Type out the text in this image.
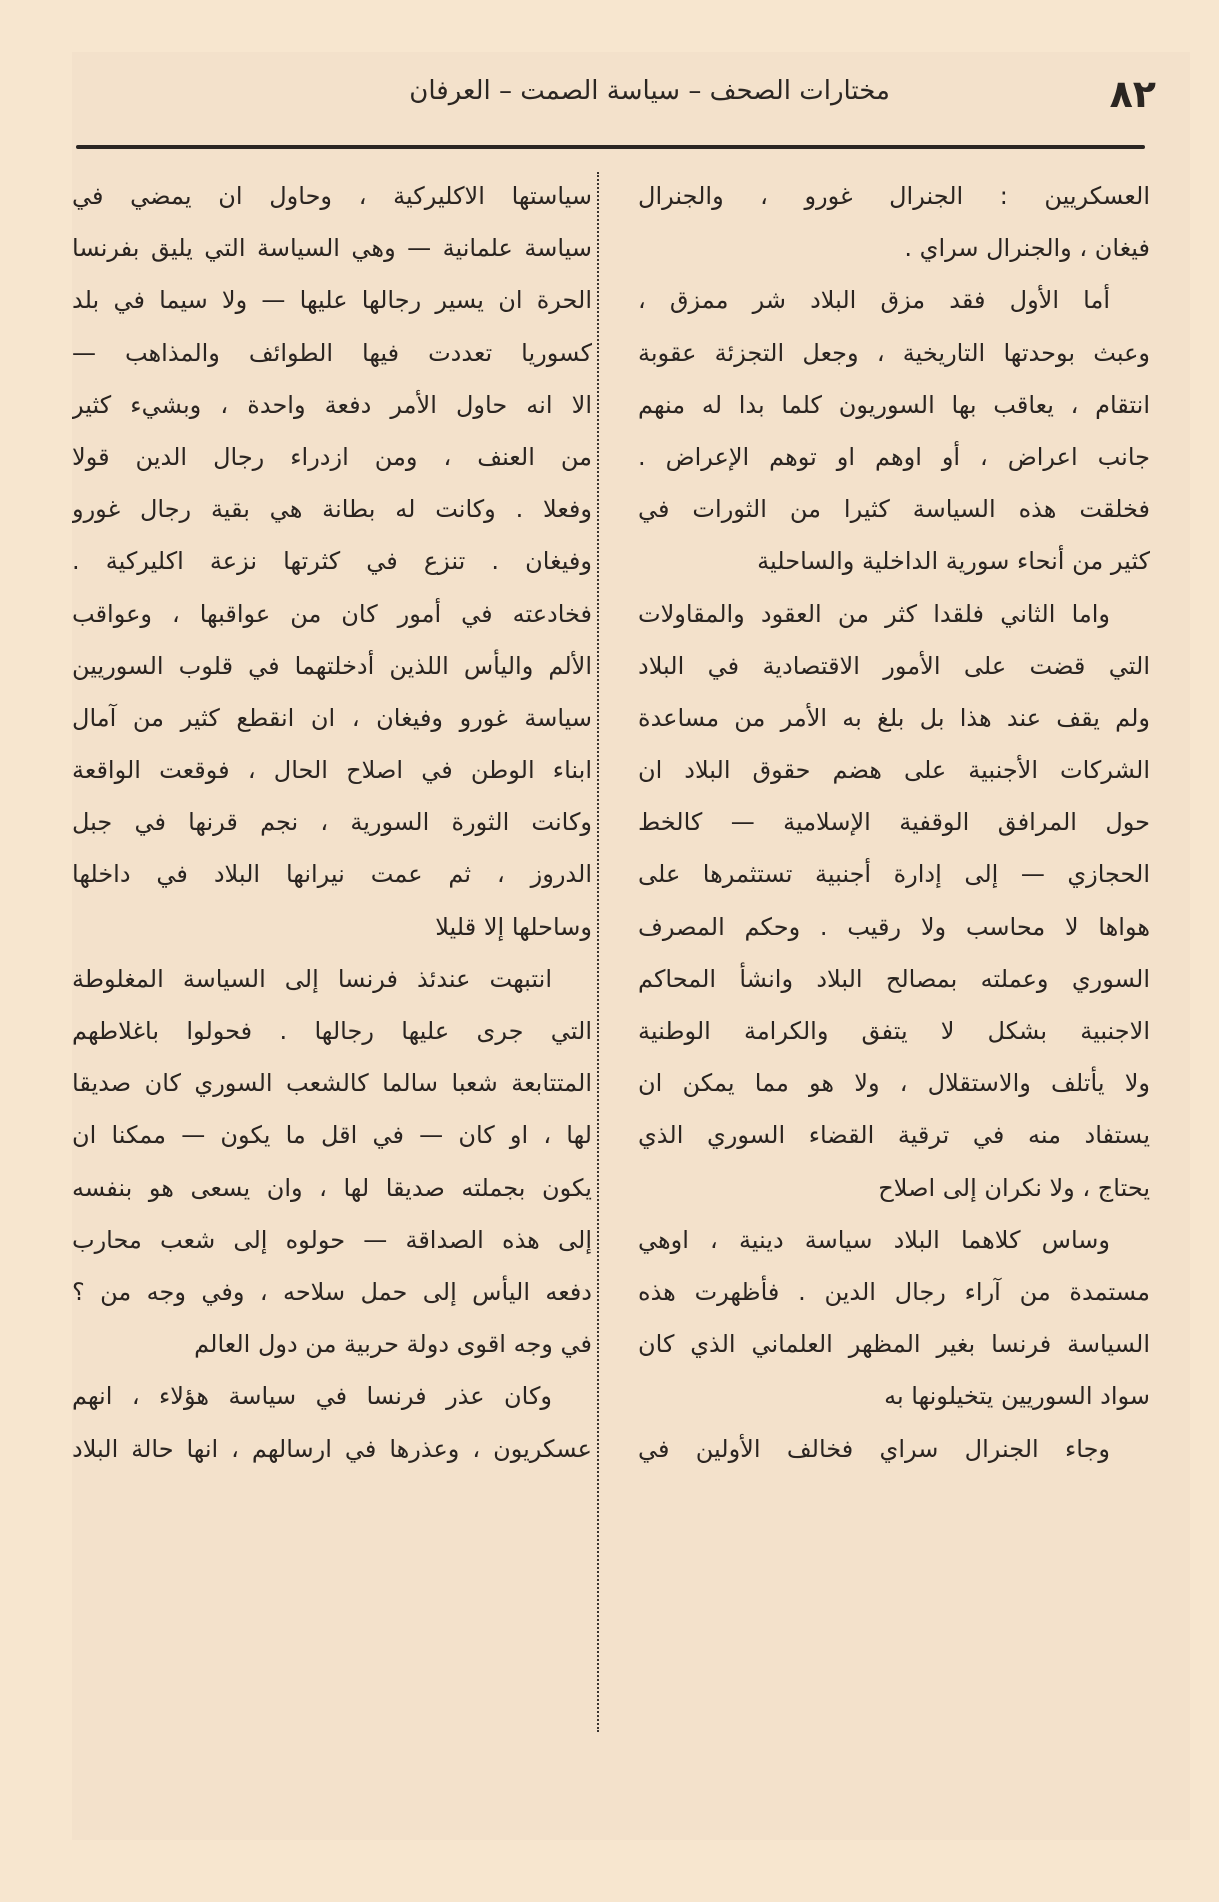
٨٢
مختارات الصحف – سياسة الصمت – العرفان
العسكريين : الجنرال غورو ، والجنرال
فيغان ، والجنرال سراي .
أما الأول فقد مزق البلاد شر ممزق ،
وعبث بوحدتها التاريخية ، وجعل التجزئة عقوبة
انتقام ، يعاقب بها السوريون كلما بدا له منهم
جانب اعراض ، أو اوهم او توهم الإعراض .
فخلقت هذه السياسة كثيرا من الثورات في
كثير من أنحاء سورية الداخلية والساحلية
واما الثاني فلقدا كثر من العقود والمقاولات
التي قضت على الأمور الاقتصادية في البلاد
ولم يقف عند هذا بل بلغ به الأمر من مساعدة
الشركات الأجنبية على هضم حقوق البلاد ان
حول المرافق الوقفية الإسلامية — كالخط
الحجازي — إلى إدارة أجنبية تستثمرها على
هواها لا محاسب ولا رقيب . وحكم المصرف
السوري وعملته بمصالح البلاد وانشأ المحاكم
الاجنبية بشكل لا يتفق والكرامة الوطنية
ولا يأتلف والاستقلال ، ولا هو مما يمكن ان
يستفاد منه في ترقية القضاء السوري الذي
يحتاج ، ولا نكران إلى اصلاح
وساس كلاهما البلاد سياسة دينية ، اوهي
مستمدة من آراء رجال الدين . فأظهرت هذه
السياسة فرنسا بغير المظهر العلماني الذي كان
سواد السوريين يتخيلونها به
وجاء الجنرال سراي فخالف الأولين في
سياستها الاكليركية ، وحاول ان يمضي في
سياسة علمانية — وهي السياسة التي يليق بفرنسا
الحرة ان يسير رجالها عليها — ولا سيما في بلد
كسوريا تعددت فيها الطوائف والمذاهب —
الا انه حاول الأمر دفعة واحدة ، وبشيء كثير
من العنف ، ومن ازدراء رجال الدين قولا
وفعلا . وكانت له بطانة هي بقية رجال غورو
وفيغان . تنزع في كثرتها نزعة اكليركية .
فخادعته في أمور كان من عواقبها ، وعواقب
الألم واليأس اللذين أدخلتهما في قلوب السوريين
سياسة غورو وفيغان ، ان انقطع كثير من آمال
ابناء الوطن في اصلاح الحال ، فوقعت الواقعة
وكانت الثورة السورية ، نجم قرنها في جبل
الدروز ، ثم عمت نيرانها البلاد في داخلها
وساحلها إلا قليلا
انتبهت عندئذ فرنسا إلى السياسة المغلوطة
التي جرى عليها رجالها . فحولوا باغلاطهم
المتتابعة شعبا سالما كالشعب السوري كان صديقا
لها ، او كان — في اقل ما يكون — ممكنا ان
يكون بجملته صديقا لها ، وان يسعى هو بنفسه
إلى هذه الصداقة — حولوه إلى شعب محارب
دفعه اليأس إلى حمل سلاحه ، وفي وجه من ؟
في وجه اقوى دولة حربية من دول العالم
وكان عذر فرنسا في سياسة هؤلاء ، انهم
عسكريون ، وعذرها في ارسالهم ، انها حالة البلاد
